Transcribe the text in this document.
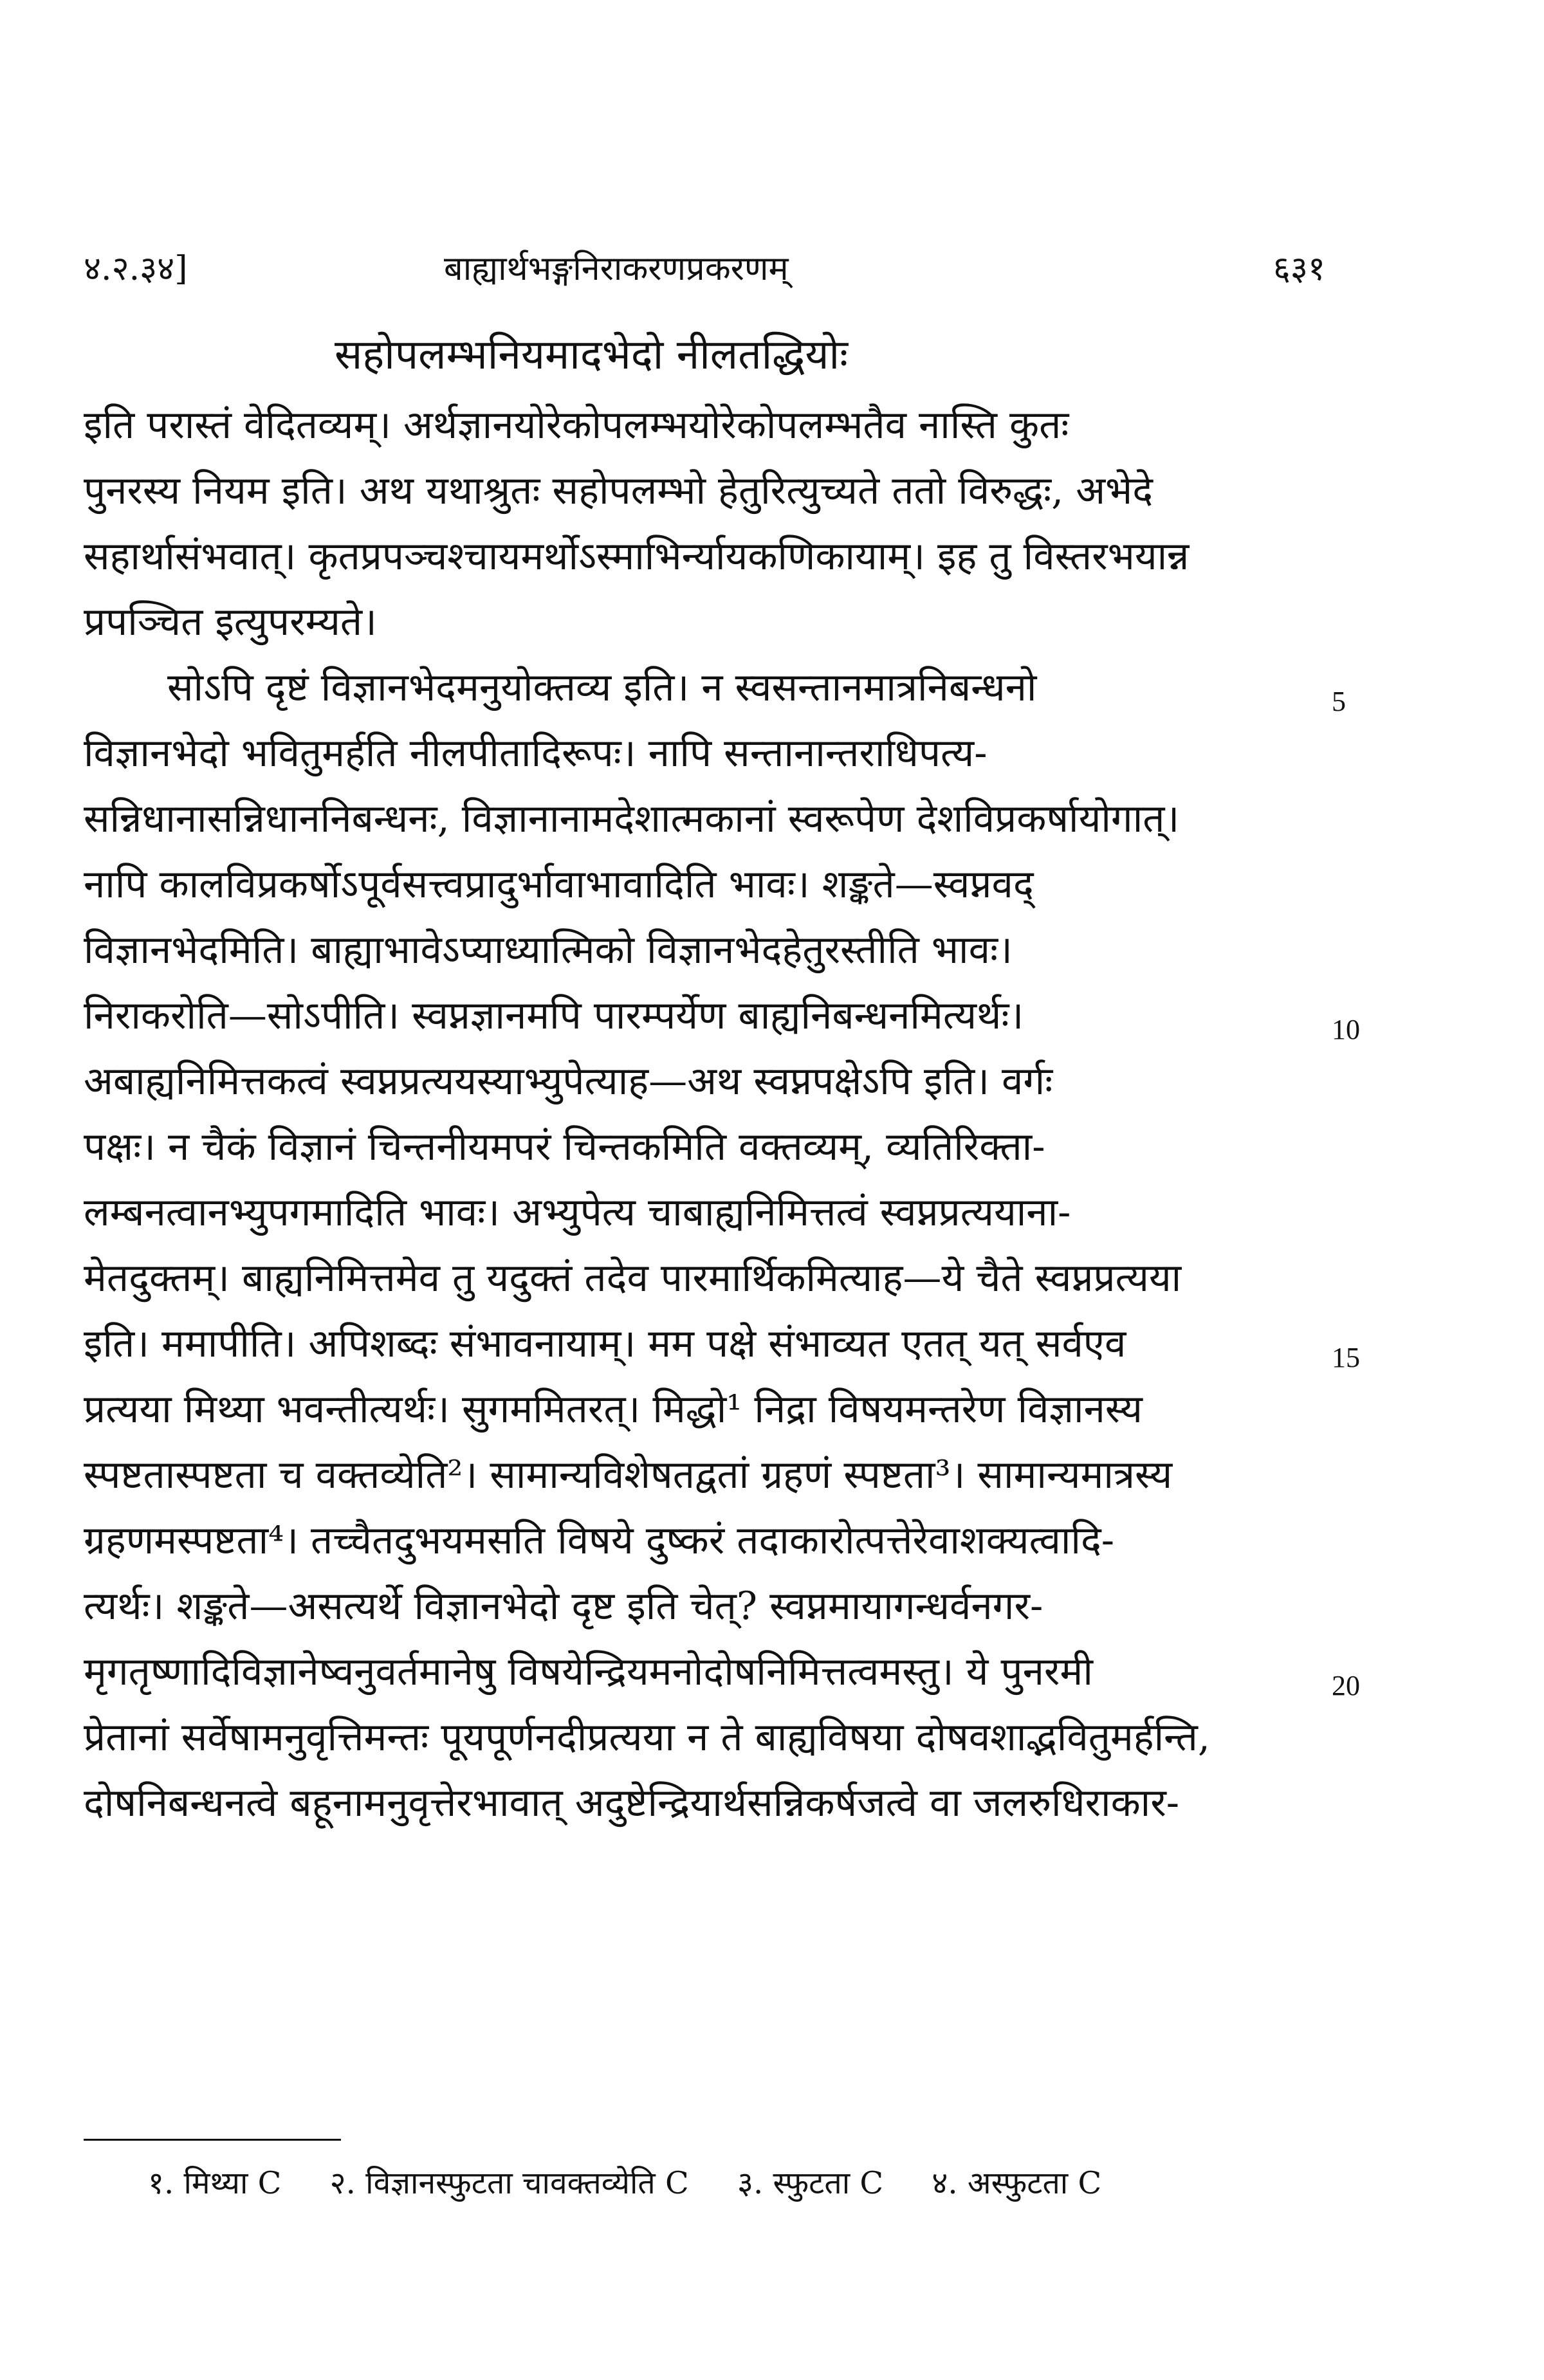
४.२.३४]	बाह्यार्थभङ्गनिराकरणप्रकरणम्	६३१
सहोपलम्भनियमादभेदो नीलतद्धियोः
इति परास्तं वेदितव्यम्। अर्थज्ञानयोरेकोपलम्भयोरेकोपलम्भतैव नास्ति कुतः
पुनरस्य नियम इति। अथ यथाश्रुतः सहोपलम्भो हेतुरित्युच्यते ततो विरुद्धः, अभेदे
सहार्थासंभवात्। कृतप्रपञ्चश्चायमर्थोऽस्माभिर्न्यायकणिकायाम्। इह तु विस्तरभयान्न
प्रपञ्चित इत्युपरम्यते।
सोऽपि दृष्टं विज्ञानभेदमनुयोक्तव्य इति। न स्वसन्तानमात्रनिबन्धनो
विज्ञानभेदो भवितुमर्हति नीलपीतादिरूपः। नापि सन्तानान्तराधिपत्य-
सन्निधानासन्निधाननिबन्धनः, विज्ञानानामदेशात्मकानां स्वरूपेण देशविप्रकर्षायोगात्।
नापि कालविप्रकर्षोऽपूर्वसत्त्वप्रादुर्भावाभावादिति भावः। शङ्कते—स्वप्नवद्
विज्ञानभेदमिति। बाह्याभावेऽप्याध्यात्मिको विज्ञानभेदहेतुरस्तीति भावः।
निराकरोति—सोऽपीति। स्वप्नज्ञानमपि पारम्पर्येण बाह्यनिबन्धनमित्यर्थः।
अबाह्यनिमित्तकत्वं स्वप्नप्रत्ययस्याभ्युपेत्याह—अथ स्वप्नपक्षेऽपि इति। वर्गः
पक्षः। न चैकं विज्ञानं चिन्तनीयमपरं चिन्तकमिति वक्तव्यम्, व्यतिरिक्ता-
लम्बनत्वानभ्युपगमादिति भावः। अभ्युपेत्य चाबाह्यनिमित्तत्वं स्वप्नप्रत्ययाना-
मेतदुक्तम्। बाह्यनिमित्तमेव तु यदुक्तं तदेव पारमार्थिकमित्याह—ये चैते स्वप्नप्रत्यया
इति। ममापीति। अपिशब्दः संभावनायाम्। मम पक्षे संभाव्यत एतत् यत् सर्वएव
प्रत्यया मिथ्या भवन्तीत्यर्थः। सुगममितरत्। मिद्धो¹ निद्रा विषयमन्तरेण विज्ञानस्य
स्पष्टतास्पष्टता च वक्तव्येति²। सामान्यविशेषतद्वतां ग्रहणं स्पष्टता³। सामान्यमात्रस्य
ग्रहणमस्पष्टता⁴। तच्चैतदुभयमसति विषये दुष्करं तदाकारोत्पत्तेरेवाशक्यत्वादि-
त्यर्थः। शङ्कते—असत्यर्थे विज्ञानभेदो दृष्ट इति चेत्? स्वप्नमायागन्धर्वनगर-
मृगतृष्णादिविज्ञानेष्वनुवर्तमानेषु विषयेन्द्रियमनोदोषनिमित्तत्वमस्तु। ये पुनरमी
प्रेतानां सर्वेषामनुवृत्तिमन्तः पूयपूर्णनदीप्रत्यया न ते बाह्यविषया दोषवशाद्भवितुमर्हन्ति,
दोषनिबन्धनत्वे बहूनामनुवृत्तेरभावात् अदुष्टेन्द्रियार्थसन्निकर्षजत्वे वा जलरुधिराकार-
5
10
15
20
१. मिथ्या C २. विज्ञानस्फुटता चावक्तव्येति C ३. स्फुटता C ४. अस्फुटता C
